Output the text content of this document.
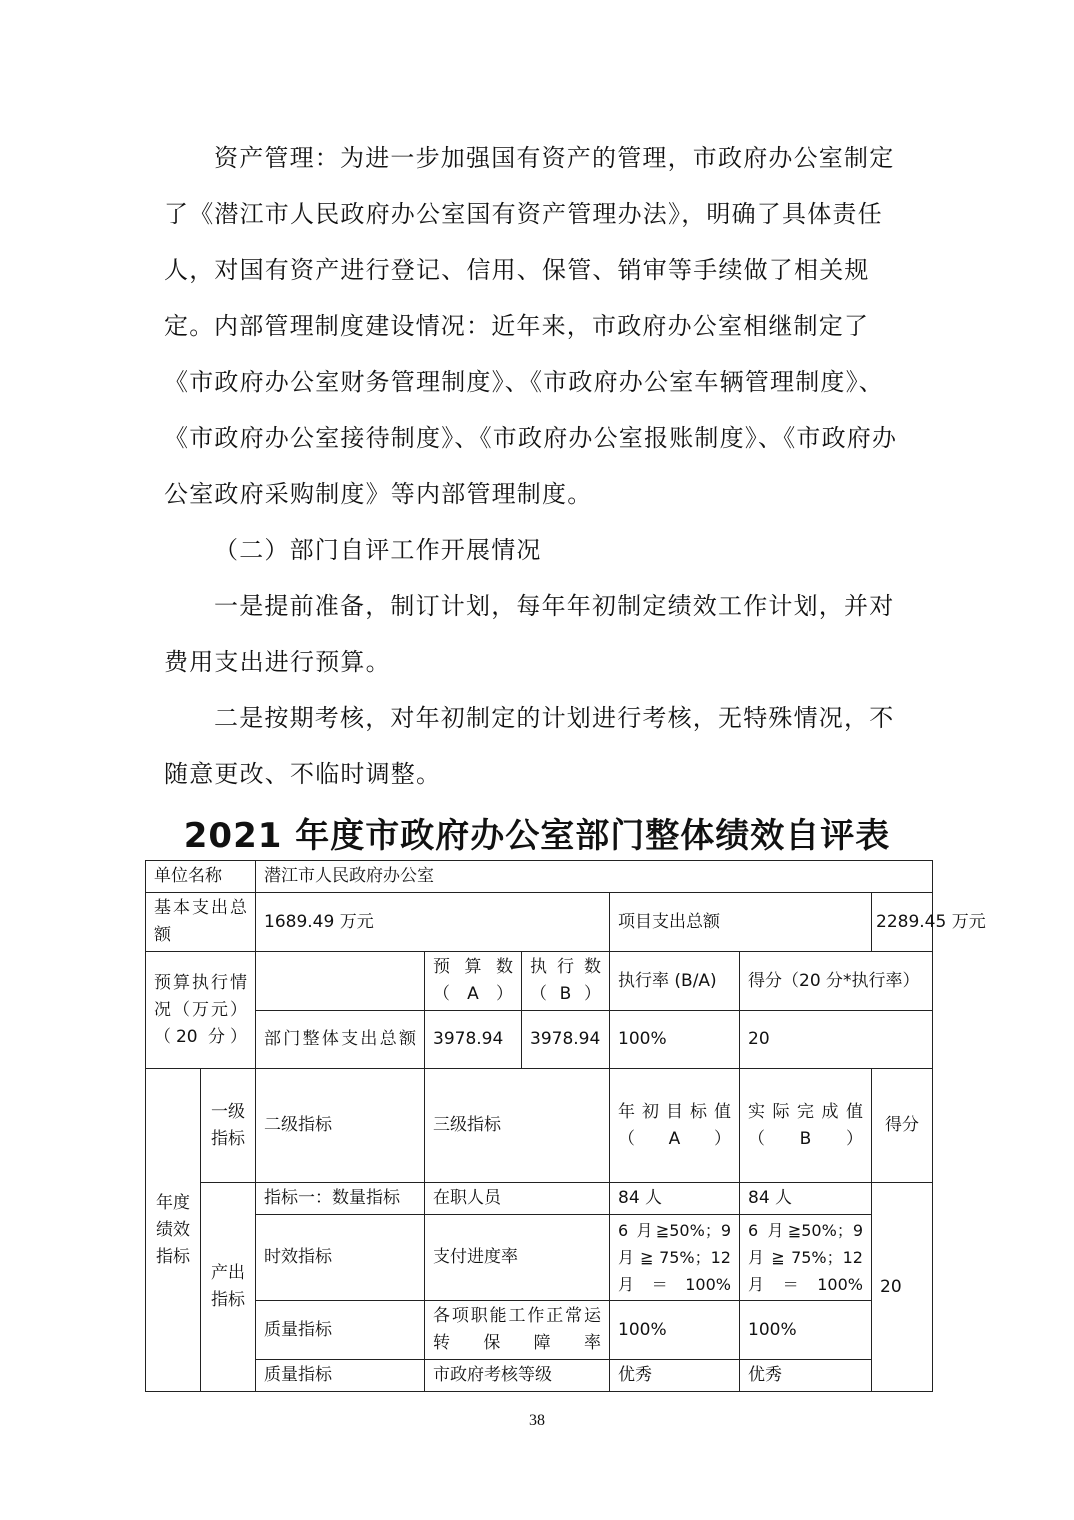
资产管理：为进一步加强国有资产的管理，市政府办公室制定了《潜江市人民政府办公室国有资产管理办法》，明确了具体责任人，对国有资产进行登记、信用、保管、销审等手续做了相关规定。 内部管理制度建设情况：近年来，市政府办公室相继制定了《市政府办公室财务管理制度》、《市政府办公室车辆管理制度》、《市政府办公室接待制度》、《市政府办公室报账制度》、《市政府办公室政府采购制度》等内部管理制度。

（二）部门自评工作开展情况

一是提前准备，制订计划，每年年初制定绩效工作计划，并对费用支出进行预算。

二是按期考核，对年初制定的计划进行考核，无特殊情况，不随意更改、不临时调整。

2021 年度市政府办公室部门整体绩效自评表
单位名称		潜江市人民政府办公室					
基本支出总额		1689.49 万元			项目支出总额		2289.45 万元
预算执行情况（万元）（20 分）			预算数（A）	执行数（B）	执行率 (B/A)	得分（20 分*执行率）	
		部门整体支出总额	3978.94	3978.94	100%	20	
年度绩效指标	一级指标	二级指标	三级指标		年初目标值（A）	实际完成值（B）	得分
	产出指标	指标一：数量指标	在职人员		84 人	84 人	20
		时效指标	支付进度率		6 月≧50%；9 月 ≧ 75%；12 月＝100%	6 月≧50%；9 月 ≧ 75%；12 月＝100%	
		质量指标	各项职能工作正常运转保障率		100%	100%	
		质量指标	市政府考核等级		优秀	优秀	
38
